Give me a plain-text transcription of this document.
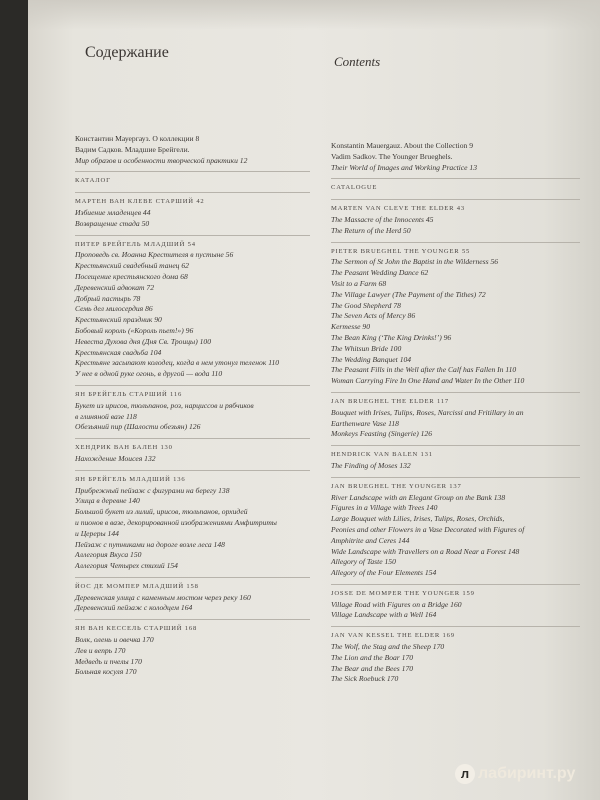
Содержание
Константин Мауергауз. О коллекции 8
Вадим Садков. Младшие Брейгели.
Мир образов и особенности творческой практики 12
КАТАЛОГ
МАРТЕН ВАН КЛЕВЕ СТАРШИЙ 42
Избиение младенцев 44
Возвращение стада 50
ПИТЕР БРЕЙГЕЛЬ МЛАДШИЙ 54
Проповедь св. Иоанна Крестителя в пустыне 56
Крестьянский свадебный танец 62
Посещение крестьянского дома 68
Деревенский адвокат 72
Добрый пастырь 78
Семь дел милосердия 86
Крестьянский праздник 90
Бобовый король («Король пьет!») 96
Невеста Духова дня (Дня Св. Троицы) 100
Крестьянская свадьба 104
Крестьяне засыпают колодец, когда в нем утонул теленок 110
У нее в одной руке огонь, в другой — вода 110
ЯН БРЕЙГЕЛЬ СТАРШИЙ 116
Букет из ирисов, тюльпанов, роз, нарциссов и рябчиков
в глиняной вазе 118
Обезьяний пир (Шалости обезьян) 126
ХЕНДРИК ВАН БАЛЕН 130
Нахождение Моисея 132
ЯН БРЕЙГЕЛЬ МЛАДШИЙ 136
Прибрежный пейзаж с фигурами на берегу 138
Улица в деревне 140
Большой букет из лилий, ирисов, тюльпанов, орхидей
и пионов в вазе, декорированной изображениями Амфитриты
и Цереры 144
Пейзаж с путниками на дороге возле леса 148
Аллегория Вкуса 150
Аллегория Четырех стихий 154
ЙОС ДЕ МОМПЕР МЛАДШИЙ 158
Деревенская улица с каменным мостом через реку 160
Деревенский пейзаж с колодцем 164
ЯН ВАН КЕССЕЛЬ СТАРШИЙ 168
Волк, олень и овечка 170
Лев и вепрь 170
Медведь и пчелы 170
Больная косуля 170
Contents
Konstantin Mauergauz. About the Collection 9
Vadim Sadkov. The Younger Brueghels.
Their World of Images and Working Practice 13
CATALOGUE
MARTEN VAN CLEVE THE ELDER 43
The Massacre of the Innocents 45
The Return of the Herd 50
PIETER BRUEGHEL THE YOUNGER 55
The Sermon of St John the Baptist in the Wilderness 56
The Peasant Wedding Dance 62
Visit to a Farm 68
The Village Lawyer (The Payment of the Tithes) 72
The Good Shepherd 78
The Seven Acts of Mercy 86
Kermesse 90
The Bean King (‘The King Drinks!’) 96
The Whitsun Bride 100
The Wedding Banquet 104
The Peasant Fills in the Well after the Calf has Fallen In 110
Woman Carrying Fire In One Hand and Water In the Other 110
JAN BRUEGHEL THE ELDER 117
Bouquet with Irises, Tulips, Roses, Narcissi and Fritillary in an
Earthenware Vase 118
Monkeys Feasting (Singerie) 126
HENDRICK VAN BALEN 131
The Finding of Moses 132
JAN BRUEGHEL THE YOUNGER 137
River Landscape with an Elegant Group on the Bank 138
Figures in a Village with Trees 140
Large Bouquet with Lilies, Irises, Tulips, Roses, Orchids,
Peonies and other Flowers in a Vase Decorated with Figures of
Amphitrite and Ceres 144
Wide Landscape with Travellers on a Road Near a Forest 148
Allegory of Taste 150
Allegory of the Four Elements 154
JOSSE DE MOMPER THE YOUNGER 159
Village Road with Figures on a Bridge 160
Village Landscape with a Well 164
JAN VAN KESSEL THE ELDER 169
The Wolf, the Stag and the Sheep 170
The Lion and the Boar 170
The Bear and the Bees 170
The Sick Roebuck 170
л лабиринт.ру
